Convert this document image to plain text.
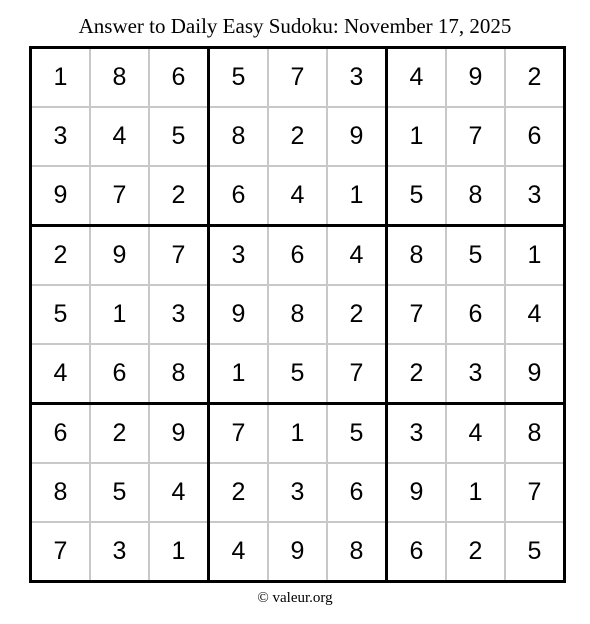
Answer to Daily Easy Sudoku: November 17, 2025
1	8	6	5	7	3	4	9	2
3	4	5	8	2	9	1	7	6
9	7	2	6	4	1	5	8	3
2	9	7	3	6	4	8	5	1
5	1	3	9	8	2	7	6	4
4	6	8	1	5	7	2	3	9
6	2	9	7	1	5	3	4	8
8	5	4	2	3	6	9	1	7
7	3	1	4	9	8	6	2	5
© valeur.org
